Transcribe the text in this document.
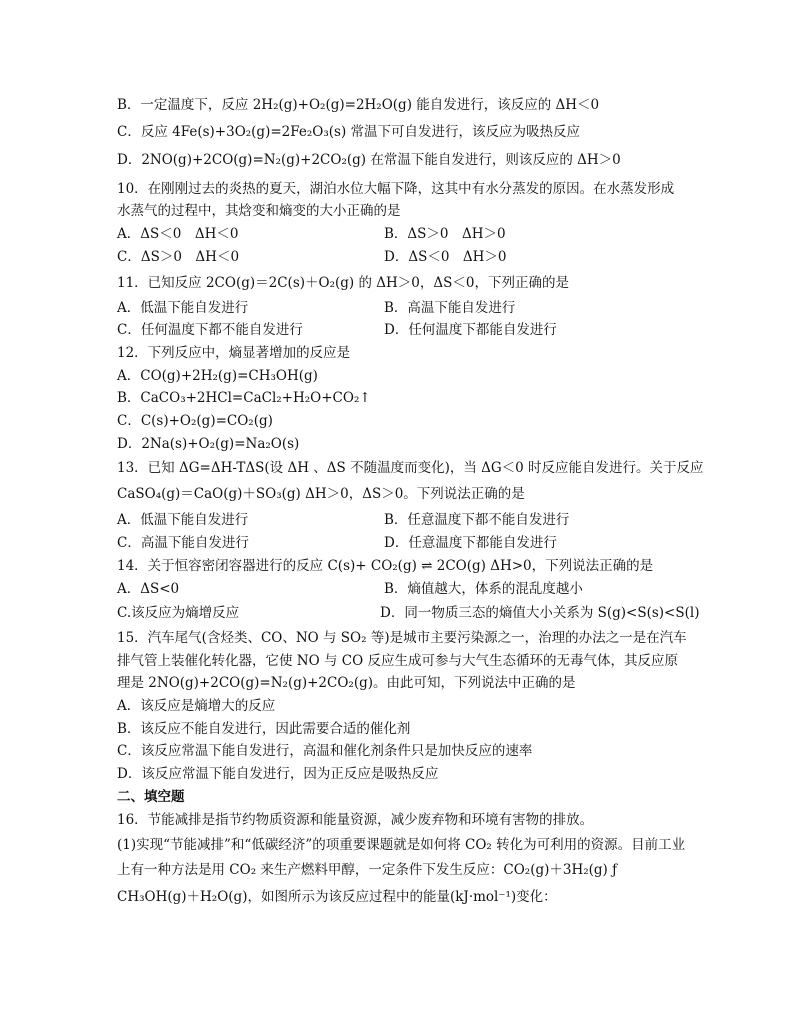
B．一定温度下，反应 2H₂(g)+O₂(g)=2H₂O(g) 能自发进行，该反应的 ΔH＜0
C．反应 4Fe(s)+3O₂(g)=2Fe₂O₃(s) 常温下可自发进行，该反应为吸热反应
D．2NO(g)+2CO(g)=N₂(g)+2CO₂(g) 在常温下能自发进行，则该反应的 ΔH＞0
10．在刚刚过去的炎热的夏天，湖泊水位大幅下降，这其中有水分蒸发的原因。在水蒸发形成
水蒸气的过程中，其焓变和熵变的大小正确的是
A．ΔS＜0　ΔH＜0	B．ΔS＞0　ΔH＞0
C．ΔS＞0　ΔH＜0	D．ΔS＜0　ΔH＞0
11．已知反应 2CO(g)＝2C(s)＋O₂(g) 的 ΔH＞0，ΔS＜0，下列正确的是
A．低温下能自发进行	B．高温下能自发进行
C．任何温度下都不能自发进行	D．任何温度下都能自发进行
12．下列反应中，熵显著增加的反应是
A．CO(g)+2H₂(g)=CH₃OH(g)
B．CaCO₃+2HCl=CaCl₂+H₂O+CO₂↑
C．C(s)+O₂(g)=CO₂(g)
D．2Na(s)+O₂(g)=Na₂O(s)
13．已知 ΔG=ΔH-TΔS(设 ΔH 、ΔS 不随温度而变化)，当 ΔG＜0 时反应能自发进行。关于反应
CaSO₄(g)＝CaO(g)＋SO₃(g) ΔH＞0，ΔS＞0。下列说法正确的是
A．低温下能自发进行	B．任意温度下都不能自发进行
C．高温下能自发进行	D．任意温度下都能自发进行
14．关于恒容密闭容器进行的反应 C(s)+ CO₂(g) ⇌ 2CO(g) ΔH>0，下列说法正确的是
A．ΔS<0	B．熵值越大，体系的混乱度越小
C.该反应为熵增反应	D．同一物质三态的熵值大小关系为 S(g)<S(s)<S(l)
15．汽车尾气(含烃类、CO、NO 与 SO₂ 等)是城市主要污染源之一，治理的办法之一是在汽车
排气管上装催化转化器，它使 NO 与 CO 反应生成可参与大气生态循环的无毒气体，其反应原
理是 2NO(g)+2CO(g)=N₂(g)+2CO₂(g)。由此可知，下列说法中正确的是
A．该反应是熵增大的反应
B．该反应不能自发进行，因此需要合适的催化剂
C．该反应常温下能自发进行，高温和催化剂条件只是加快反应的速率
D．该反应常温下能自发进行，因为正反应是吸热反应
二、填空题
16．节能减排是指节约物质资源和能量资源，减少废弃物和环境有害物的排放。
(1)实现“节能减排”和“低碳经济”的项重要课题就是如何将 CO₂ 转化为可利用的资源。目前工业
上有一种方法是用 CO₂ 来生产燃料甲醇，一定条件下发生反应：CO₂(g)＋3H₂(g) ƒ
CH₃OH(g)＋H₂O(g)，如图所示为该反应过程中的能量(kJ·mol⁻¹)变化：
